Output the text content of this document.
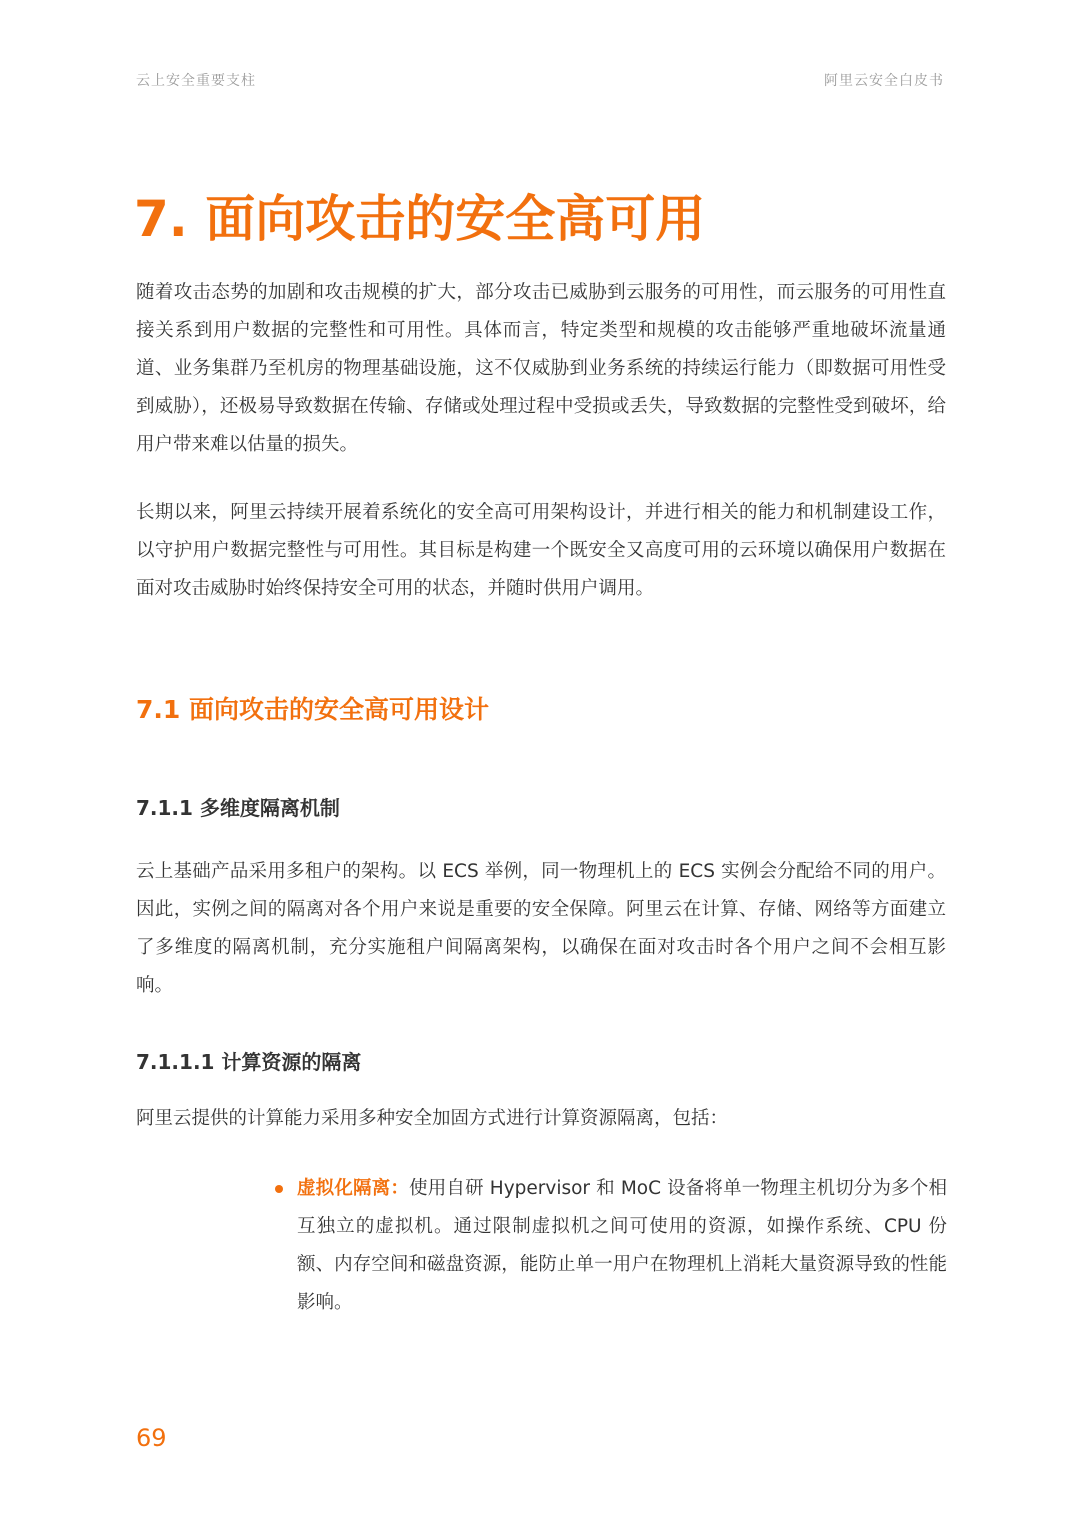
云上安全重要支柱	阿里云安全白皮书
7. 面向攻击的安全高可用

随着攻击态势的加剧和攻击规模的扩大，部分攻击已威胁到云服务的可用性，而云服务的可用性直接关系到用户数据的完整性和可用性。具体而言，特定类型和规模的攻击能够严重地破坏流量通道、业务集群乃至机房的物理基础设施，这不仅威胁到业务系统的持续运行能力（即数据可用性受到威胁），还极易导致数据在传输、存储或处理过程中受损或丢失，导致数据的完整性受到破坏，给用户带来难以估量的损失。

长期以来，阿里云持续开展着系统化的安全高可用架构设计，并进行相关的能力和机制建设工作，以守护用户数据完整性与可用性。其目标是构建一个既安全又高度可用的云环境以确保用户数据在面对攻击威胁时始终保持安全可用的状态，并随时供用户调用。

7.1 面向攻击的安全高可用设计
7.1.1 多维度隔离机制

云上基础产品采用多租户的架构。以 ECS 举例，同一物理机上的 ECS 实例会分配给不同的用户。因此，实例之间的隔离对各个用户来说是重要的安全保障。阿里云在计算、存储、网络等方面建立了多维度的隔离机制，充分实施租户间隔离架构，以确保在面对攻击时各个用户之间不会相互影响。

7.1.1.1 计算资源的隔离

阿里云提供的计算能力采用多种安全加固方式进行计算资源隔离，包括：

虚拟化隔离：使用自研 Hypervisor 和 MoC 设备将单一物理主机切分为多个相互独立的虚拟机。通过限制虚拟机之间可使用的资源，如操作系统、CPU 份额、内存空间和磁盘资源，能防止单一用户在物理机上消耗大量资源导致的性能影响。

69
